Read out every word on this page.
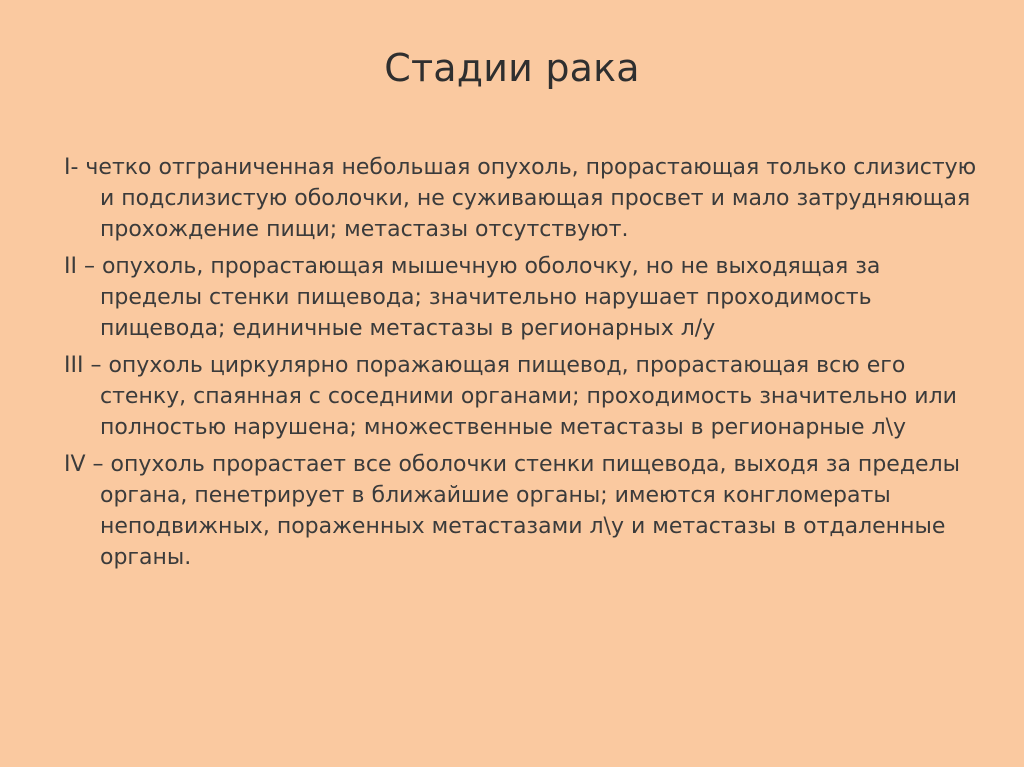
Стадии рака
I- четко отграниченная небольшая опухоль, прорастающая только слизистую и подслизистую оболочки, не суживающая просвет и мало затрудняющая прохождение пищи; метастазы отсутствуют.
II – опухоль, прорастающая мышечную оболочку, но не выходящая за пределы стенки пищевода; значительно нарушает проходимость пищевода; единичные метастазы в регионарных л/у
III – опухоль циркулярно поражающая пищевод, прорастающая всю его стенку, спаянная с соседними органами; проходимость значительно или полностью нарушена; множественные метастазы в регионарные л\у
IV – опухоль прорастает все оболочки стенки пищевода, выходя за пределы органа, пенетрирует в ближайшие органы; имеются конгломераты неподвижных, пораженных метастазами л\у и метастазы в отдаленные органы.
